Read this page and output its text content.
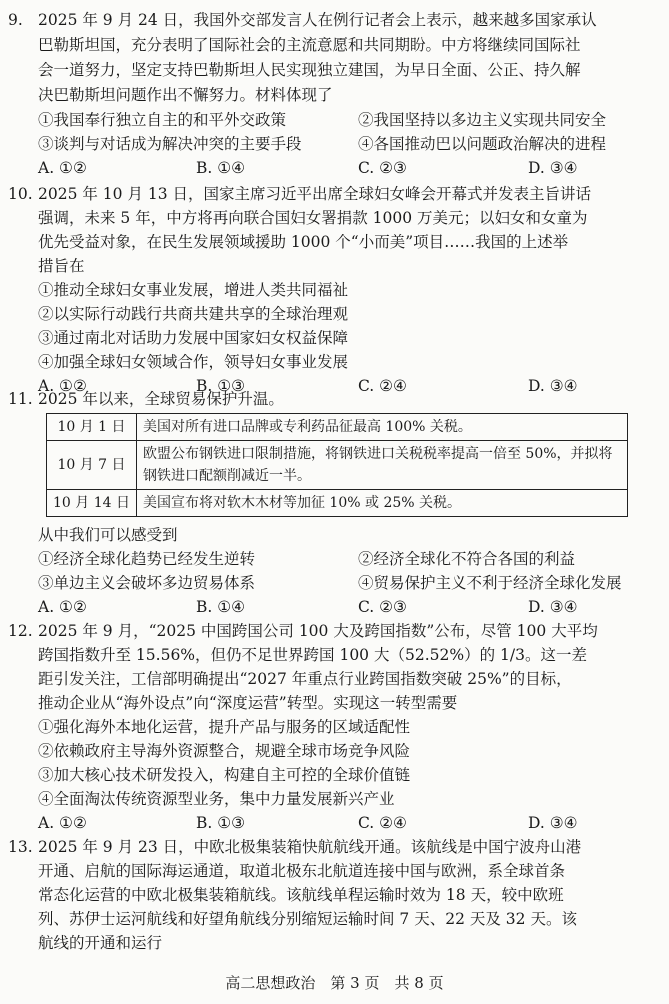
9. 2025 年 9 月 24 日，我国外交部发言人在例行记者会上表示，越来越多国家承认
巴勒斯坦国，充分表明了国际社会的主流意愿和共同期盼。中方将继续同国际社
会一道努力，坚定支持巴勒斯坦人民实现独立建国，为早日全面、公正、持久解
决巴勒斯坦问题作出不懈努力。材料体现了
①我国奉行独立自主的和平外交政策	②我国坚持以多边主义实现共同安全
③谈判与对话成为解决冲突的主要手段	④各国推动巴以问题政治解决的进程
A. ①②	B. ①④	C. ②③	D. ③④
10. 2025 年 10 月 13 日，国家主席习近平出席全球妇女峰会开幕式并发表主旨讲话
强调，未来 5 年，中方将再向联合国妇女署捐款 1000 万美元；以妇女和女童为
优先受益对象，在民生发展领域援助 1000 个“小而美”项目……我国的上述举
措旨在
①推动全球妇女事业发展，增进人类共同福祉
②以实际行动践行共商共建共享的全球治理观
③通过南北对话助力发展中国家妇女权益保障
④加强全球妇女领域合作，领导妇女事业发展
A. ①②	B. ①③	C. ②④	D. ③④
11. 2025 年以来，全球贸易保护升温。
10 月 1 日	美国对所有进口品牌或专利药品征最高 100% 关税。
10 月 7 日	欧盟公布钢铁进口限制措施，将钢铁进口关税税率提高一倍至 50%，并拟将钢铁进口配额削减近一半。
10 月 14 日	美国宣布将对软木木材等加征 10% 或 25% 关税。
从中我们可以感受到
①经济全球化趋势已经发生逆转	②经济全球化不符合各国的利益
③单边主义会破坏多边贸易体系	④贸易保护主义不利于经济全球化发展
A. ①②	B. ①④	C. ②③	D. ③④
12. 2025 年 9 月，“2025 中国跨国公司 100 大及跨国指数”公布，尽管 100 大平均
跨国指数升至 15.56%，但仍不足世界跨国 100 大（52.52%）的 1/3。这一差
距引发关注，工信部明确提出“2027 年重点行业跨国指数突破 25%”的目标，
推动企业从“海外设点”向“深度运营”转型。实现这一转型需要
①强化海外本地化运营，提升产品与服务的区域适配性
②依赖政府主导海外资源整合，规避全球市场竞争风险
③加大核心技术研发投入，构建自主可控的全球价值链
④全面淘汰传统资源型业务，集中力量发展新兴产业
A. ①②	B. ①③	C. ②④	D. ③④
13. 2025 年 9 月 23 日，中欧北极集装箱快航航线开通。该航线是中国宁波舟山港
开通、启航的国际海运通道，取道北极东北航道连接中国与欧洲，系全球首条
常态化运营的中欧北极集装箱航线。该航线单程运输时效为 18 天，较中欧班
列、苏伊士运河航线和好望角航线分别缩短运输时间 7 天、22 天及 32 天。该
航线的开通和运行
高二思想政治　第 3 页　共 8 页
